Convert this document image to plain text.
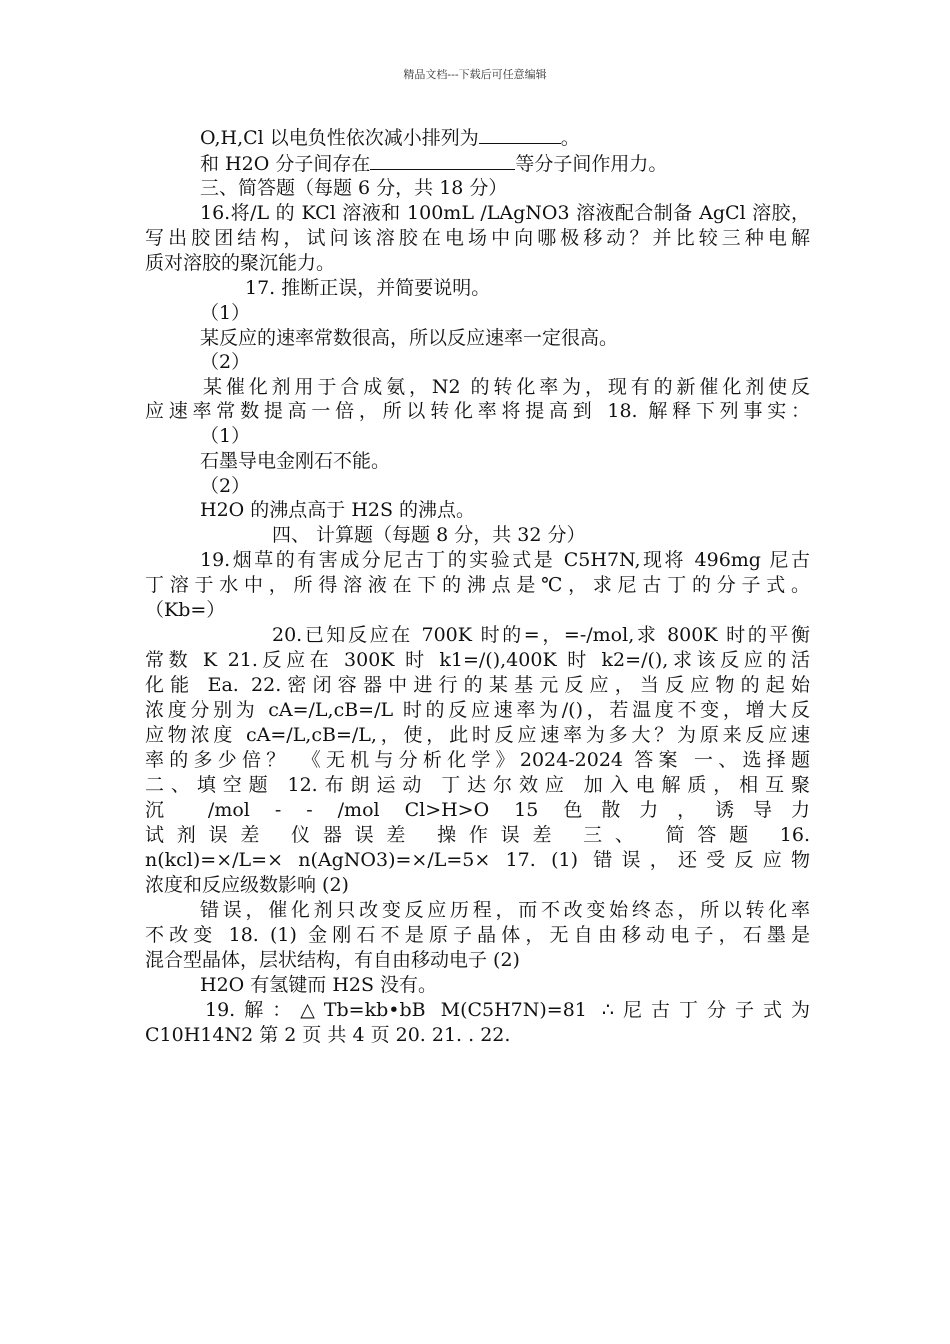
精品文档---下载后可任意编辑
O,H,Cl 以电负性依次减小排列为	。
和 H2O 分子间存在	等分子间作用力。
三、简答题（每题 6 分，共 18 分）
16.将/L 的 KCl 溶液和 100mL /LAgNO3 溶液配合制备 AgCl 溶胶，
写出胶团结构，试问该溶胶在电场中向哪极移动？并比较三种电解
质对溶胶的聚沉能力。
17. 推断正误，并简要说明。
（1）
某反应的速率常数很高，所以反应速率一定很高。
（2）
某催化剂用于合成氨，N2 的转化率为，现有的新催化剂使反
应速率常数提高一倍，所以转化率将提高到 18. 解释下列事实：
（1）
石墨导电金刚石不能。
（2）
H2O 的沸点高于 H2S 的沸点。
四、 计算题（每题 8 分，共 32 分）
19.烟草的有害成分尼古丁的实验式是 C5H7N,现将 496mg 尼古
丁溶于水中，所得溶液在下的沸点是℃，求尼古丁的分子式。
（Kb=）
20.已知反应在 700K 时的=，=-/mol,求 800K 时的平衡
常数 K 21.反应在 300K 时 k1=/(),400K 时 k2=/(),求该反应的活
化能 Ea. 22.密闭容器中进行的某基元反应，当反应物的起始
浓度分别为 cA=/L,cB=/L 时的反应速率为/()，若温度不变，增大反
应物浓度 cA=/L,cB=/L,，使，此时反应速率为多大？为原来反应速
率的多少倍？ 《无机与分析化学》2024-2024 答案 一、选择题
二、填空题 12.布朗运动 丁达尔效应 加入电解质，相互聚
沉 /mol - - /mol Cl>H>O 15 色散力，诱导力
试剂误差 仪器误差 操作误差 三、 简答题 16.
n(kcl)=×/L=× n(AgNO3)=×/L=5× 17. (1) 错误，还受反应物
浓度和反应级数影响 (2)
错误，催化剂只改变反应历程，而不改变始终态，所以转化率
不改变 18. (1) 金刚石不是原子晶体，无自由移动电子，石墨是
混合型晶体，层状结构，有自由移动电子 (2)
H2O 有氢键而 H2S 没有。
19.解：△Tb=kb•bB M(C5H7N)=81 ∴尼古丁分子式为
C10H14N2 第 2 页 共 4 页 20. 21. . 22.
